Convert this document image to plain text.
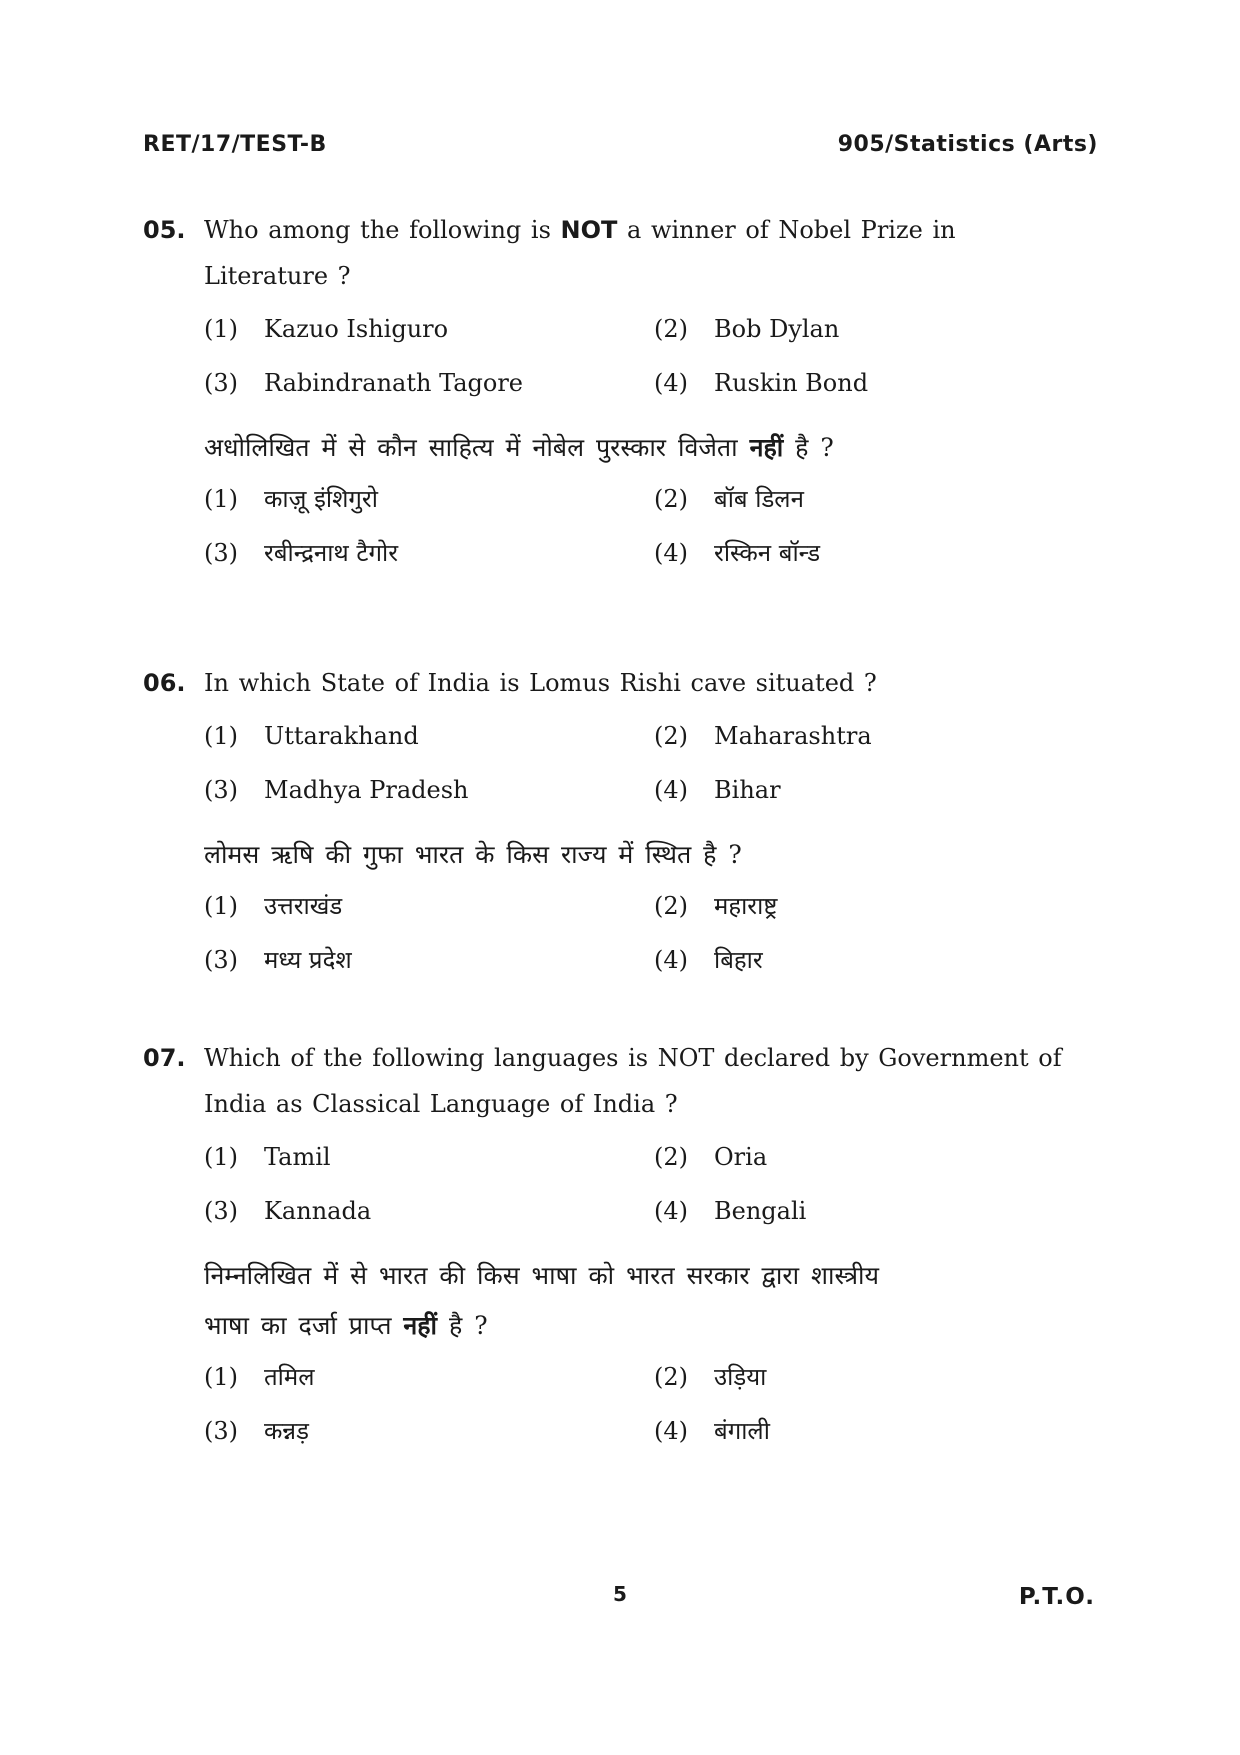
RET/17/TEST-B	905/Statistics (Arts)
05. Who among the following is NOT a winner of Nobel Prize in
Literature ?
(1)	Kazuo Ishiguro	(2)	Bob Dylan
(3)	Rabindranath Tagore	(4)	Ruskin Bond
अधोलिखित में से कौन साहित्य में नोबेल पुरस्कार विजेता नहीं है ?
(1)	काज़ू इंशिगुरो	(2)	बॉब डिलन
(3)	रबीन्द्रनाथ टैगोर	(4)	रस्किन बॉन्ड
06. In which State of India is Lomus Rishi cave situated ?
(1)	Uttarakhand	(2)	Maharashtra
(3)	Madhya Pradesh	(4)	Bihar
लोमस ऋषि की गुफा भारत के किस राज्य में स्थित है ?
(1)	उत्तराखंड	(2)	महाराष्ट्र
(3)	मध्य प्रदेश	(4)	बिहार
07. Which of the following languages is NOT declared by Government of
India as Classical Language of India ?
(1)	Tamil	(2)	Oria
(3)	Kannada	(4)	Bengali
निम्नलिखित में से भारत की किस भाषा को भारत सरकार द्वारा शास्त्रीय
भाषा का दर्जा प्राप्त नहीं है ?
(1)	तमिल	(2)	उड़िया
(3)	कन्नड़	(4)	बंगाली
5	P.T.O.
